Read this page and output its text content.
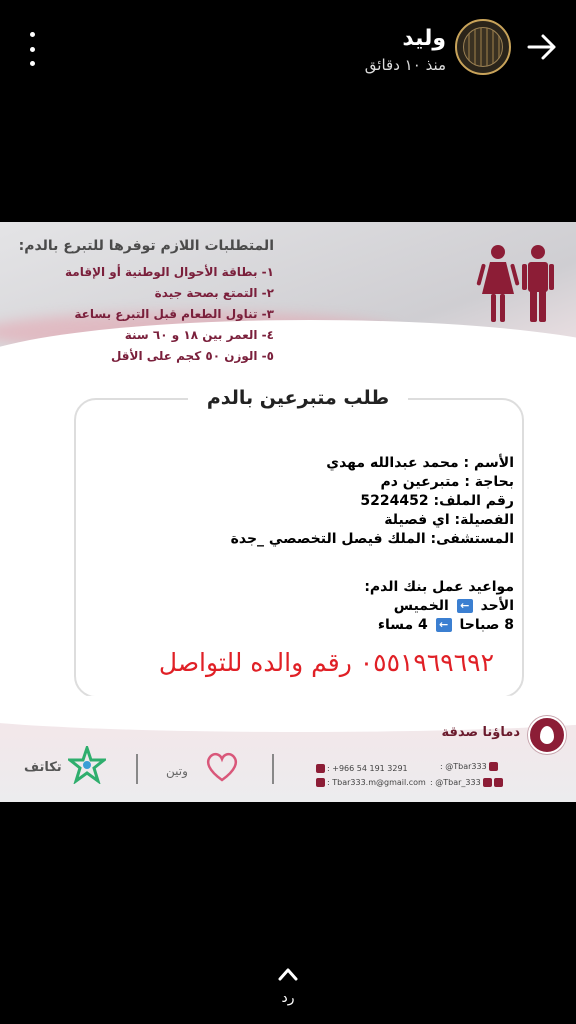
وليد
منذ ١٠ دقائق
المتطلبات اللازم توفرها للتبرع بالدم:
١- بطاقة الأحوال الوطنية أو الإقامة
٢- التمتع بصحة جيدة
٣- تناول الطعام قبل التبرع بساعة
٤- العمر بين ١٨ و ٦٠ سنة
٥- الوزن ٥٠ كجم على الأقل
طلب متبرعين بالدم
الأسم : محمد عبدالله مهدي
بحاجة : متبرعين دم
رقم الملف: 5224452
الفصيلة: اي فصيلة
المستشفى: الملك فيصل التخصصي _جدة
مواعيد عمل بنك الدم:
الأحد ← الخميس
8 صباحا ← 4 مساء
٠٥٥١٩٦٩٦٩٢ رقم والده للتواصل
دماؤنا صدقة
: @Tbar333
: @Tbar_333
: +966 54 191 3291
: Tbar333.m@gmail.com
وتين
تكاتف
رد
